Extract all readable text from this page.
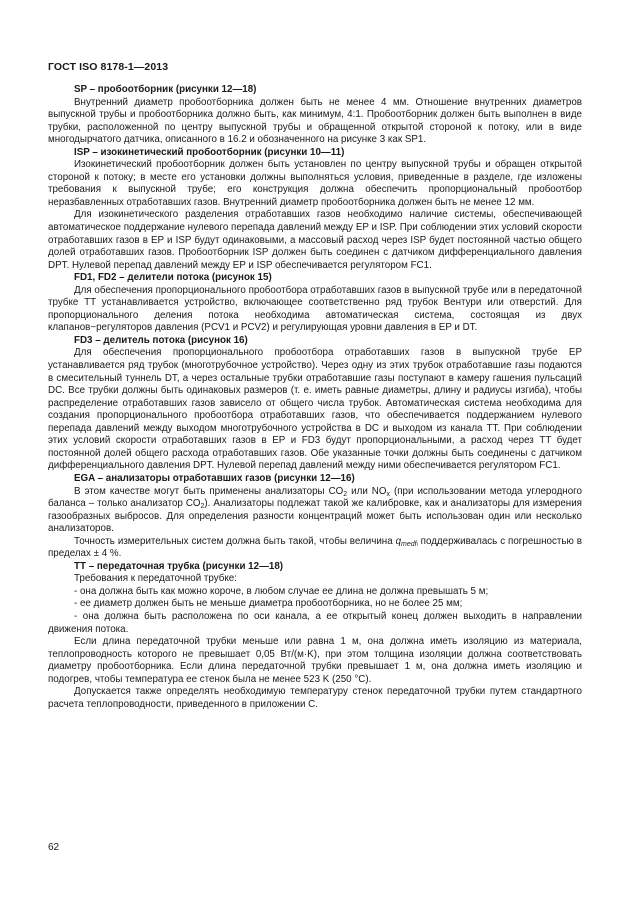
ГОСТ ISO 8178-1—2013

SP – пробоотборник (рисунки 12—18)

Внутренний диаметр пробоотборника должен быть не менее 4 мм. Отношение внутренних диаметров выпускной трубы и пробоотборника должно быть, как минимум, 4:1. Пробоотборник должен быть выполнен в виде трубки, расположенной по центру выпускной трубы и обращенной открытой стороной к потоку, или в виде многодырчатого датчика, описанного в 16.2 и обозначенного на рисунке 3 как SP1.

ISP – изокинетический пробоотборник (рисунки 10—11)

Изокинетический пробоотборник должен быть установлен по центру выпускной трубы и обращен открытой стороной к потоку; в месте его установки должны выполняться условия, приведенные в разделе, где изложены требования к выпускной трубе; его конструкция должна обеспечить пропорциональный пробоотбор неразбавленных отработавших газов. Внутренний диаметр пробоотборника должен быть не менее 12 мм.

Для изокинетического разделения отработавших газов необходимо наличие системы, обеспечивающей автоматическое поддержание нулевого перепада давлений между EP и ISP. При соблюдении этих условий скорости отработавших газов в EP и ISP будут одинаковыми, а массовый расход через ISP будет постоянной частью общего долей отработавших газов. Пробоотборник ISP должен быть соединен с датчиком дифференциального давления DPT. Нулевой перепад давлений между EP и ISP обеспечивается регулятором FC1.

FD1, FD2 – делители потока (рисунок 15)

Для обеспечения пропорционального пробоотбора отработавших газов в выпускной трубе или в передаточной трубке TT устанавливается устройство, включающее соответственно ряд трубок Вентури или отверстий. Для пропорционального деления потока необходима автоматическая система, состоящая из двух клапанов−регуляторов давления (PCV1 и PCV2) и регулирующая уровни давления в EP и DT.

FD3 – делитель потока (рисунок 16)

Для обеспечения пропорционального пробоотбора отработавших газов в выпускной трубе EP устанавливается ряд трубок (многотрубочное устройство). Через одну из этих трубок отработавшие газы подаются в смесительный туннель DT, а через остальные трубки отработавшие газы поступают в камеру гашения пульсаций DC. Все трубки должны быть одинаковых размеров (т. е. иметь равные диаметры, длину и радиусы изгиба), чтобы распределение отработавших газов зависело от общего числа трубок. Автоматическая система необходима для создания пропорционального пробоотбора отработавших газов, что обеспечивается поддержанием нулевого перепада давлений между выходом многотрубочного устройства в DC и выходом из канала TT. При соблюдении этих условий скорости отработавших газов в EP и FD3 будут пропорциональными, а расход через TT будет постоянной долей общего расхода отработавших газов. Обе указанные точки должны быть соединены с датчиком дифференциального давления DPT. Нулевой перепад давлений между ними обеспечивается регулятором FC1.

EGA – анализаторы отработавших газов (рисунки 12—16)

В этом качестве могут быть применены анализаторы $CO_2$ или $NO_x$ (при использовании метода углеродного баланса – только анализатор $CO_2$). Анализаторы подлежат такой же калибровке, как и анализаторы для измерения газообразных выбросов. Для определения разности концентраций может быть использован один или несколько анализаторов.

Точность измерительных систем должна быть такой, чтобы величина $q_{medfi}$ поддерживалась с погрешностью в пределах ± 4 %.

TT – передаточная трубка (рисунки 12—18)

Требования к передаточной трубке:

- она должна быть как можно короче, в любом случае ее длина не должна превышать 5 м;

- ее диаметр должен быть не меньше диаметра пробоотборника, но не более 25 мм;

- она должна быть расположена по оси канала, а ее открытый конец должен выходить в направлении движения потока.

Если длина передаточной трубки меньше или равна 1 м, она должна иметь изоляцию из материала, теплопроводность которого не превышает 0,05 Вт/(м·K), при этом толщина изоляции должна соответствовать диаметру пробоотборника. Если длина передаточной трубки превышает 1 м, она должна иметь изоляцию и подогрев, чтобы температура ее стенок была не менее 523 K (250 °C).

Допускается также определять необходимую температуру стенок передаточной трубки путем стандартного расчета теплопроводности, приведенного в приложении C.

62
